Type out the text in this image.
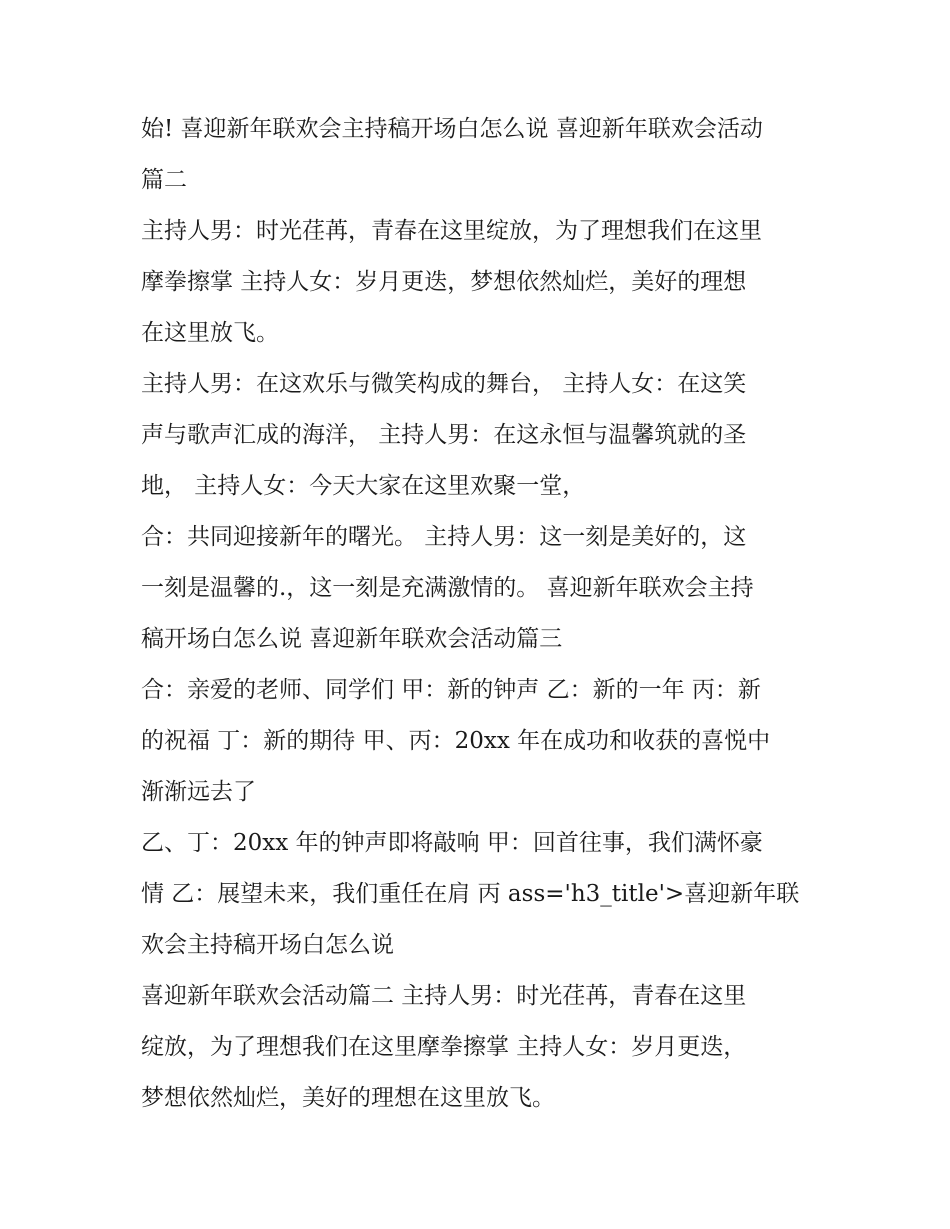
始! 喜迎新年联欢会主持稿开场白怎么说 喜迎新年联欢会活动
篇二
主持人男：时光荏苒，青春在这里绽放，为了理想我们在这里
摩拳擦掌 主持人女：岁月更迭，梦想依然灿烂，美好的理想
在这里放飞。
主持人男：在这欢乐与微笑构成的舞台， 主持人女：在这笑
声与歌声汇成的海洋， 主持人男：在这永恒与温馨筑就的圣
地， 主持人女：今天大家在这里欢聚一堂，
合：共同迎接新年的曙光。 主持人男：这一刻是美好的，这
一刻是温馨的.，这一刻是充满激情的。 喜迎新年联欢会主持
稿开场白怎么说 喜迎新年联欢会活动篇三
合：亲爱的老师、同学们 甲：新的钟声 乙：新的一年 丙：新
的祝福 丁：新的期待 甲、丙：20xx 年在成功和收获的喜悦中
渐渐远去了
乙、丁：20xx 年的钟声即将敲响 甲：回首往事，我们满怀豪
情 乙：展望未来，我们重任在肩 丙 ass='h3_title'>喜迎新年联
欢会主持稿开场白怎么说
喜迎新年联欢会活动篇二 主持人男：时光荏苒，青春在这里
绽放，为了理想我们在这里摩拳擦掌 主持人女：岁月更迭，
梦想依然灿烂，美好的理想在这里放飞。
